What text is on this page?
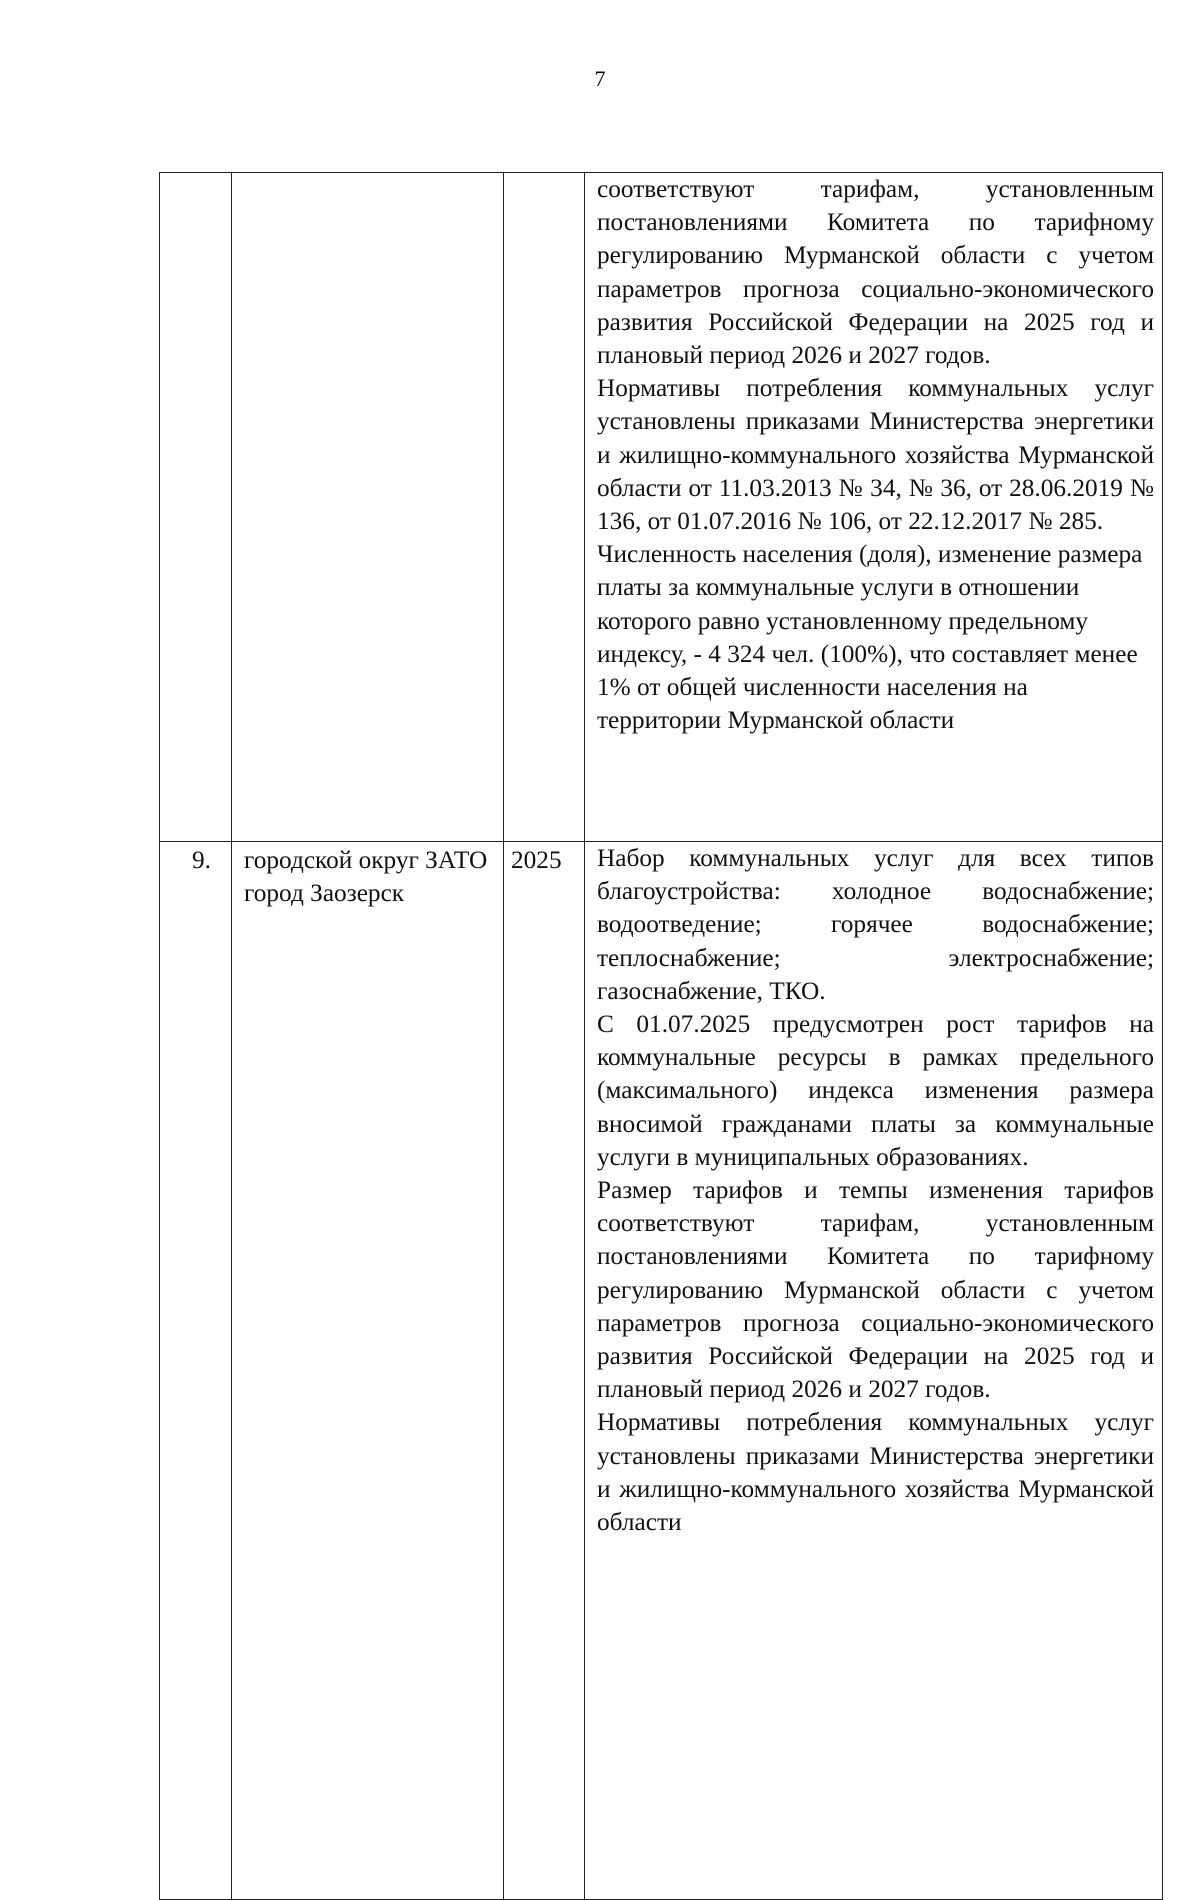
7

			соответствуют тарифам, установленным постановлениями Комитета по тарифному регулированию Мурманской области с учетом параметров прогноза социально-экономического развития Российской Федерации на 2025 год и плановый период 2026 и 2027 годов.

Нормативы потребления коммунальных услуг установлены приказами Министерства энергетики и жилищно-коммунального хозяйства Мурманской области от 11.03.2013 № 34, № 36, от 28.06.2019 № 136, от 01.07.2016 № 106, от 22.12.2017 № 285.

Численность населения (доля), изменение размера платы за коммунальные услуги в отношении которого равно установленному предельному индексу, - 4 324 чел. (100%), что составляет менее 1% от общей численности населения на территории Мурманской области

9.	городской округ ЗАТО город Заозерск	2025	Набор коммунальных услуг для всех типов благоустройства: холодное водоснабжение; водоотведение; горячее водоснабжение; теплоснабжение; электроснабжение; газоснабжение, ТКО.

С 01.07.2025 предусмотрен рост тарифов на коммунальные ресурсы в рамках предельного (максимального) индекса изменения размера вносимой гражданами платы за коммунальные услуги в муниципальных образованиях.

Размер тарифов и темпы изменения тарифов соответствуют тарифам, установленным постановлениями Комитета по тарифному регулированию Мурманской области с учетом параметров прогноза социально-экономического развития Российской Федерации на 2025 год и плановый период 2026 и 2027 годов.

Нормативы потребления коммунальных услуг установлены приказами Министерства энергетики и жилищно-коммунального хозяйства Мурманской области
